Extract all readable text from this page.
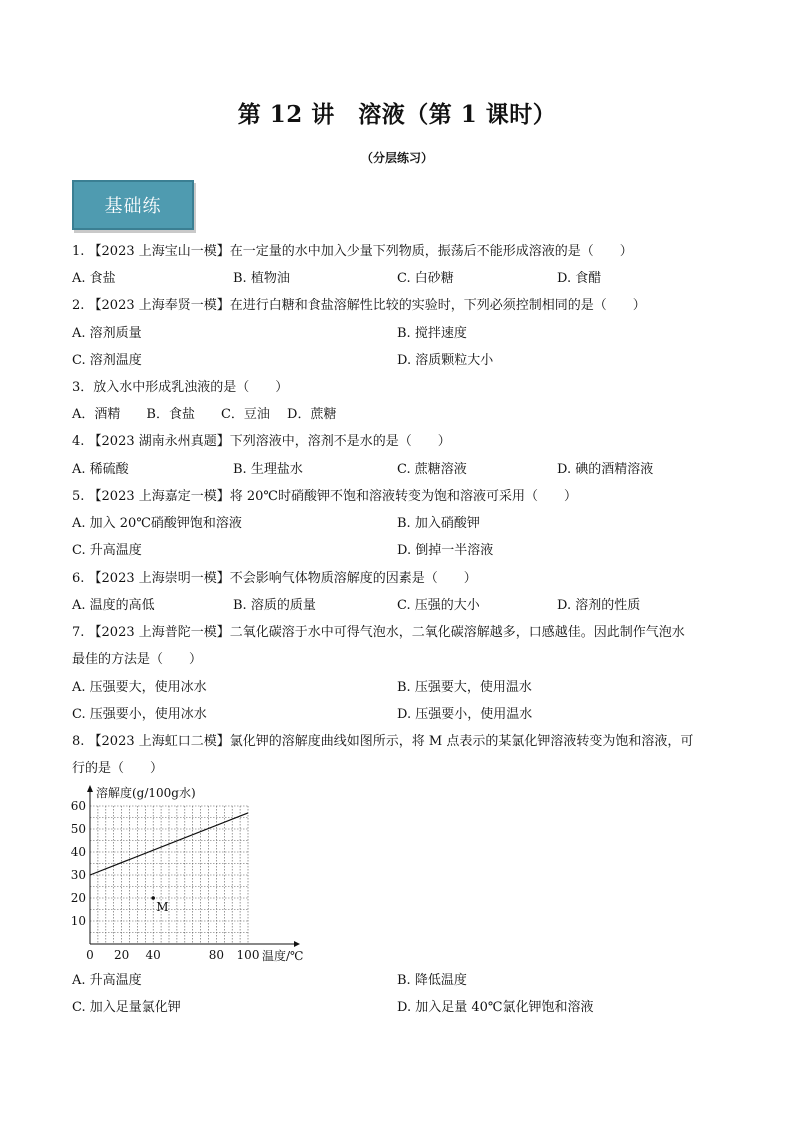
第 12 讲　溶液（第 1 课时）
（分层练习）
基础练
1. 【2023 上海宝山一模】在一定量的水中加入少量下列物质，振荡后不能形成溶液的是（　　）
A. 食盐	B. 植物油	C. 白砂糖	D. 食醋
2. 【2023 上海奉贤一模】在进行白糖和食盐溶解性比较的实验时，下列必须控制相同的是（　　）
A. 溶剂质量	B. 搅拌速度
C. 溶剂温度	D. 溶质颗粒大小
3．放入水中形成乳浊液的是（　　）
A．酒精　　B．食盐　　C．豆油　 D．蔗糖
4. 【2023 湖南永州真题】下列溶液中，溶剂不是水的是（　　）
A. 稀硫酸	B. 生理盐水	C. 蔗糖溶液	D. 碘的酒精溶液
5. 【2023 上海嘉定一模】将 20℃时硝酸钾不饱和溶液转变为饱和溶液可采用（　　）
A. 加入 20℃硝酸钾饱和溶液	B. 加入硝酸钾
C. 升高温度	D. 倒掉一半溶液
6. 【2023 上海崇明一模】不会影响气体物质溶解度的因素是（　　）
A. 温度的高低	B. 溶质的质量	C. 压强的大小	D. 溶剂的性质
7. 【2023 上海普陀一模】二氧化碳溶于水中可得气泡水，二氧化碳溶解越多，口感越佳。因此制作气泡水
最佳的方法是（　　）
A. 压强要大，使用冰水	B. 压强要大，使用温水
C. 压强要小，使用冰水	D. 压强要小，使用温水
8. 【2023 上海虹口二模】氯化钾的溶解度曲线如图所示，将 M 点表示的某氯化钾溶液转变为饱和溶液，可
行的是（　　）
溶解度(g/100g水)
温度/℃
10
20
30
40
50
60
0 20 40	80 100
M
A. 升高温度	B. 降低温度
C. 加入足量氯化钾	D. 加入足量 40℃氯化钾饱和溶液
